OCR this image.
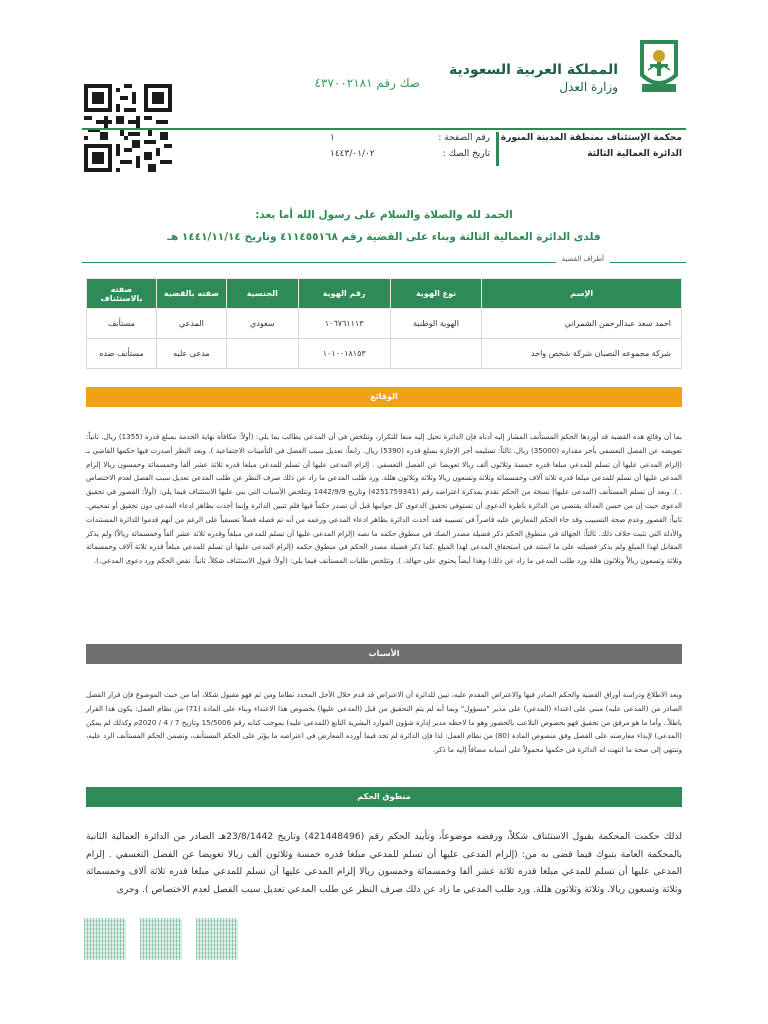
المملكة العربية السعودية
وزارة العدل
صك رقم ٤٣٧٠٠٢١٨١
محكمة الإستئناف بمنطقة المدينة المنورة
الدائرة العمالية الثالثة
رقم الصفحة :
١
تاريخ الصك :
١٤٤٣/٠١/٠٢
الحمد لله والصلاة والسلام على رسول الله أما بعد:
فلدى الدائرة العمالية الثالثة وبناء على القضية رقم ٤١١٤٥٥١٦٨ وتاريخ ١٤٤١/١١/١٤ هـ
أطراف القضية
الإسم	نوع الهوية	رقم الهوية	الجنسية	صفته بالقضية	صفته بالاستئناف
احمد سعد عبدالرحمن الشمراني	الهوية الوطنية	١٠٦٧٦١١١٣	سعودي	المدعي	مستأنف
شركة مجموعه النصبان شركة شخص واحد		١٠١٠٠١٨١٥٣		مدعى عليه	مستأنف ضده
الوقائع
بما أن وقائع هذه القضية قد أوردها الحكم المستأنف المشار إليه أدناه فإن الدائرة تحيل إليه منعا للتكرار، وتتلخص في أن المدعي يطالب بما يلي: (أولاً: مكافأة نهاية الخدمة بمبلغ قدره (1355) ريال. ثانياً: تعويضه عن الفصل التعسفي بأجر مقداره (35000) ريال. ثالثاً: تسليمه أجر الإجازة بمبلغ قدره (5390) ريال. رابعاً: تعديل سبب الفصل في التأمينات الاجتماعية ). وبعد النظر أصدرت فيها حكمها القاضي بـ (إلزام المدعى عليها أن تسلم للمدعي مبلغا قدره خمسة وثلاثون ألف ريالا تعويضا عن الفصل التعسفي . إلزام المدعى عليها أن تسلم للمدعي مبلغا قدره ثلاثة عشر ألفا وخمسمائة وخمسون ريالا إلزام المدعى عليها أن تسلم للمدعي مبلغا قدره ثلاثة آلاف وخمسمائة وثلاثة وتسعون ريالا وثلاثة وثلاثون هللة. ورد طلب المدعي ما زاد عن ذلك صرف النظر عن طلب المدعي تعديل سبب الفصل لعدم الاختصاص . ). وبعد أن تسلم المستأنف (المدعى عليها) نسخة من الحكم تقدم بمذكرة اعتراضه رقم (4251759341) وتاريخ 1442/9/9 وتتلخص الأسباب التي بني عليها الاستئناف فيما يلي: (أولاً: القصور في تحقيق الدعوى حيث إن من حسن العدالة يقتضي من الدائرة ناظرة الدعوى أن تستوفي تحقيق الدعوى كل جوانبها قبل أن تصدر حكماً فيها فلم تتبين الدائرة وإنما أخذت بظاهر ادعاء المدعي دون تحقيق أو تمحيص. ثانياً: القصور وعدم صحة التسبيب وقد جاء الحكم المعارض عليه قاصراً في تسبيبه فقد أخذت الدائرة بظاهر ادعاء المدعي وزعمه من أنه تم فصله فصلاً تعسفياً على الرغم من أنهم قدموا للدائرة المستندات والأدلة التي تثبت خلاف ذلك. ثالثاً: الجهالة في منطوق الحكم ذكر فضيلة مصدر الصك في منطوق حكمه ما نصه (إلزام المدعى عليها أن تسلم للمدعي مبلغاً وقدره ثلاثة عشر ألفاً وخمسمائة ريالاً) ولم يذكر المقابل لهذا المبلغ ولم يذكر فضيلته على ما استند في استحقاق المدعي لهذا المبلغ .كما ذكر فضيلة مصدر الحكم في منطوق حكمه (إلزام المدعى عليها أن تسلم للمدعي مبلغاً قدره ثلاثة آلاف وخمسمائة وثلاثة وتسعون ريالاً وثلاثون هللة ورد طلب المدعي ما زاد عن ذلك) وهذا أيضاً يحتوي على جهالة. ). وتتلخص طلبات المستأنف فيما يلي: (أولاً: قبول الاستئناف شكلاً. ثانياً: نقض الحكم ورد دعوى المدعي.).
الأسباب
وبعد الاطلاع ودراسة أوراق القضية والحكم الصادر فيها والاعتراض المقدم عليه، تبين للدائرة أن الاعتراض قد قدم خلال الأجل المحدد نظاما ومن ثم فهو مقبول شكلا، أما من حيث الموضوع فإن قرار الفصل الصادر من (المدعى عليه) مبني على اعتداء (المدعي) على مدير "مسؤول" وبما أنه لم يتم التحقيق من قبل (المدعى عليها) بخصوص هذا الاعتداء وبناء على المادة (71) من نظام العمل: يكون هذا القرار باطلاً.. وأما ما هو مرفق من تحقيق فهو بخصوص التلاعب بالحضور وهو ما لاحظه مدير إدارة شؤون الموارد البشرية التابع (للمدعى عليه) بموجب كتابه رقم 15/5006 وتاريخ 7 / 4 / 2020م وكذلك لم يمكن (المدعي) لإبداء معارضته على الفصل وفق منصوص المادة (80) من نظام العمل: لذا فإن الدائرة لم تجد فيما أورده المعارض في اعتراضه ما يؤثر على الحكم المستأنف، وتضمن الحكم المستأنف الرد عليه، وتنتهي إلى صحة ما انتهت له الدائرة في حكمها محمولاً على أسبابه مضافاً إليه ما ذكر.
منطوق الحكم
لذلك حكمت المحكمة بقبول الاستئناف شكلاً، ورفضه موضوعاً، وتأييد الحكم رقم (421448496) وتاريخ 23/8/1442هـ الصادر من الدائرة العمالية الثانية بالمحكمة العامة بتبوك فيما قضى به من: (إلزام المدعى عليها أن تسلم للمدعي مبلغا قدره خمسة وثلاثون ألف ريالا تعويضا عن الفصل التعسفي . إلزام المدعى عليها أن تسلم للمدعي مبلغا قدره ثلاثة عشر ألفا وخمسمائة وخمسون ريالا إلزام المدعى عليها أن تسلم للمدعي مبلغا قدره ثلاثة آلاف وخمسمائة وثلاثة وتسعون ريالا. وثلاثة وثلاثون هللة. ورد طلب المدعي ما زاد عن ذلك صرف النظر عن طلب المدعي تعديل سبب الفصل لعدم الاختصاص ). وجرى
